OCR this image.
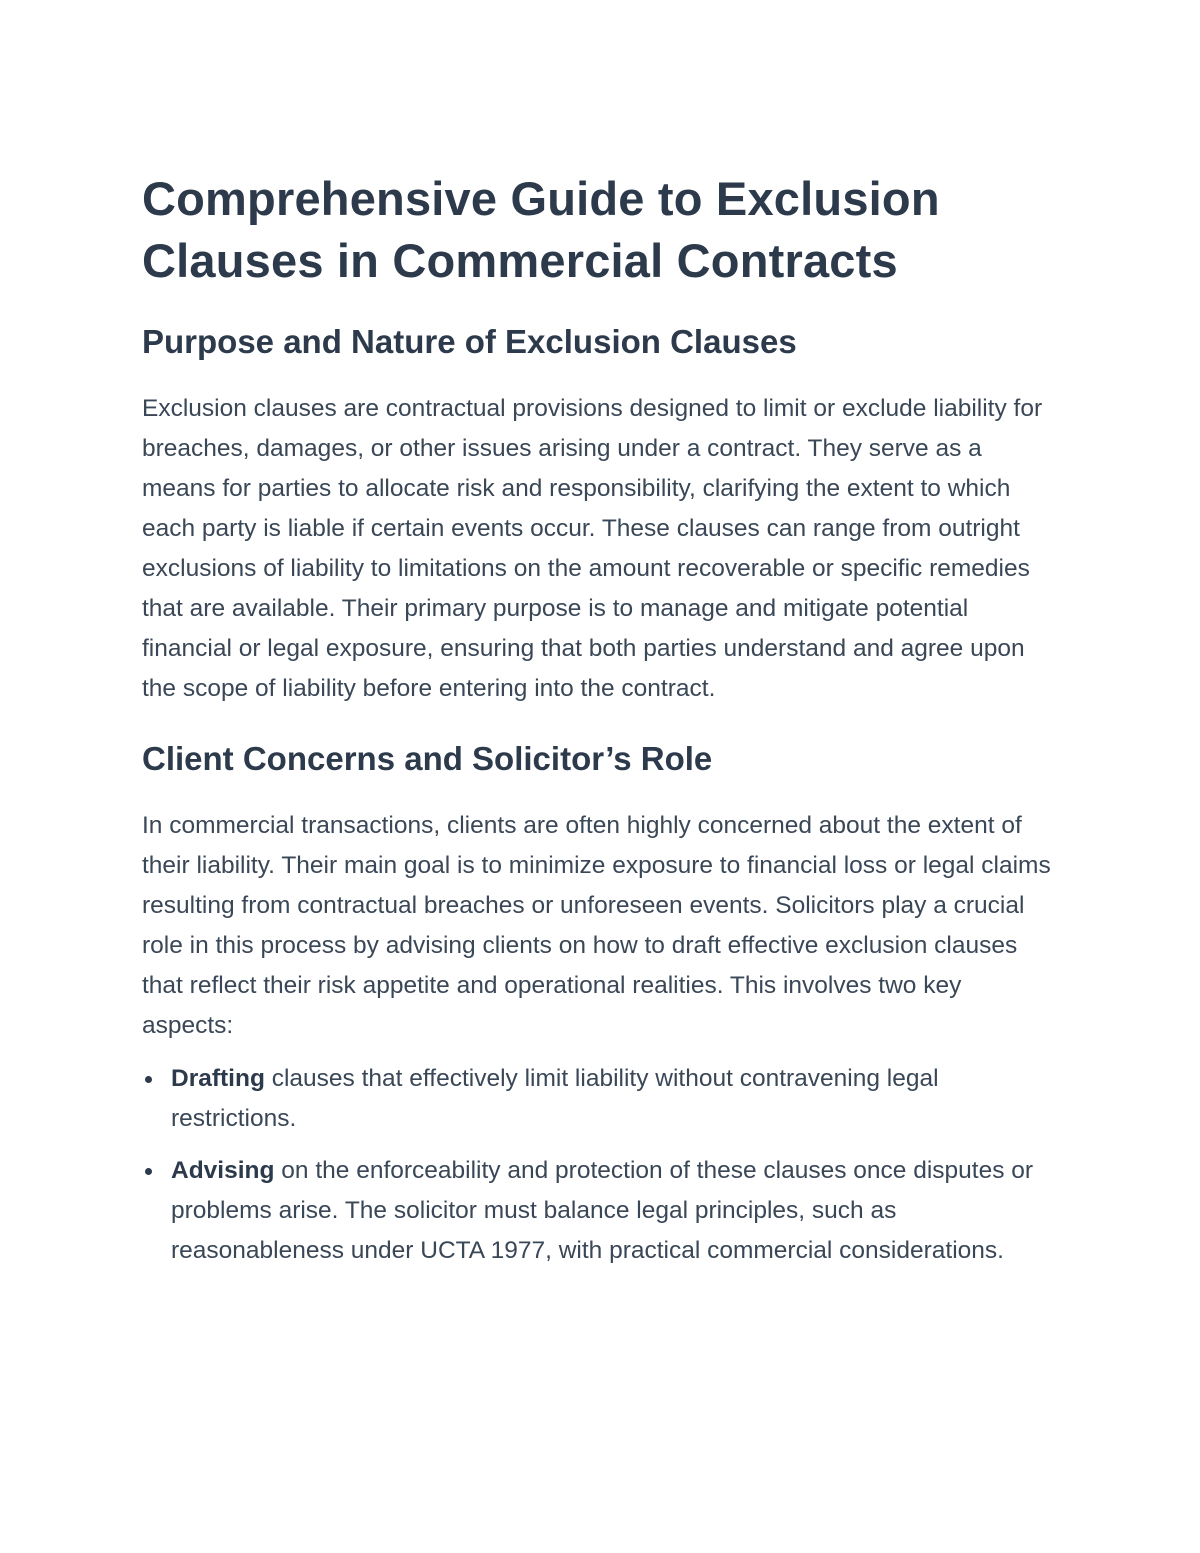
Comprehensive Guide to Exclusion Clauses in Commercial Contracts
Purpose and Nature of Exclusion Clauses

Exclusion clauses are contractual provisions designed to limit or exclude liability for breaches, damages, or other issues arising under a contract. They serve as a means for parties to allocate risk and responsibility, clarifying the extent to which each party is liable if certain events occur. These clauses can range from outright exclusions of liability to limitations on the amount recoverable or specific remedies that are available. Their primary purpose is to manage and mitigate potential financial or legal exposure, ensuring that both parties understand and agree upon the scope of liability before entering into the contract.

Client Concerns and Solicitor’s Role

In commercial transactions, clients are often highly concerned about the extent of their liability. Their main goal is to minimize exposure to financial loss or legal claims resulting from contractual breaches or unforeseen events. Solicitors play a crucial role in this process by advising clients on how to draft effective exclusion clauses that reflect their risk appetite and operational realities. This involves two key aspects:

Drafting clauses that effectively limit liability without contravening legal restrictions.
Advising on the enforceability and protection of these clauses once disputes or problems arise. The solicitor must balance legal principles, such as reasonableness under UCTA 1977, with practical commercial considerations.
